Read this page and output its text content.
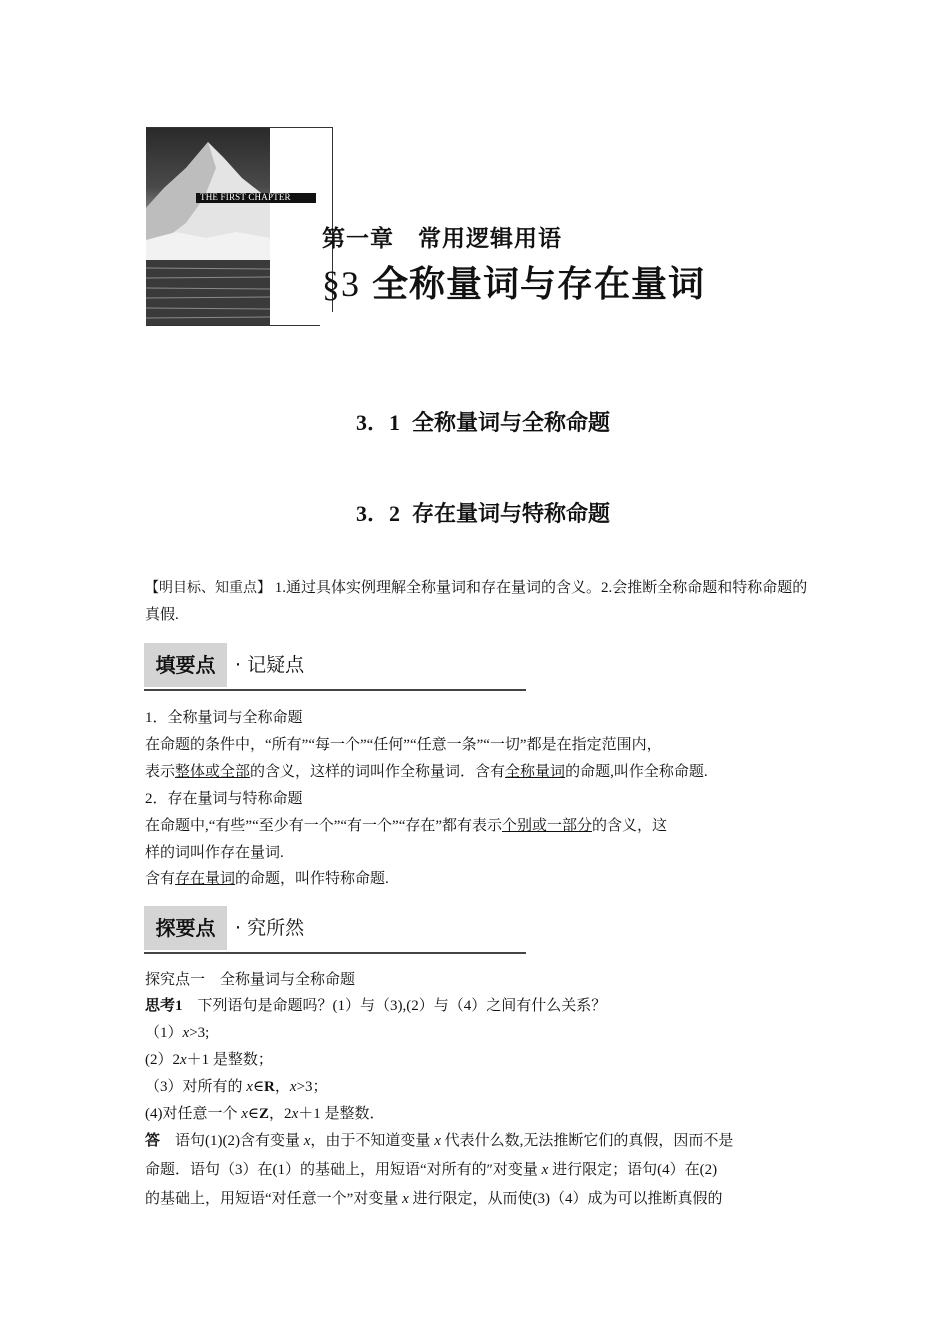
THE FIRST CHAPTER
第一章　常用逻辑用语
§3 全称量词与存在量词
3．1 全称量词与全称命题
3．2 存在量词与特称命题
【明目标、知重点】 1.通过具体实例理解全称量词和存在量词的含义。2.会推断全称命题和特称命题的真假.
填要点	· 记疑点
1．全称量词与全称命题
在命题的条件中，“所有”“每一个”“任何”“任意一条”“一切”都是在指定范围内，
表示整体或全部的含义，这样的词叫作全称量词．含有全称量词的命题,叫作全称命题.
2．存在量词与特称命题
在命题中,“有些”“至少有一个”“有一个”“存在”都有表示个别或一部分的含义，这
样的词叫作存在量词.
含有存在量词的命题，叫作特称命题.
探要点	· 究所然
探究点一　全称量词与全称命题
思考1　下列语句是命题吗？(1）与（3),(2）与（4）之间有什么关系？
（1）x>3;
(2）2x＋1 是整数；
（3）对所有的 x∈R，x>3；
(4)对任意一个 x∈Z，2x＋1 是整数．
答　语句(1)(2)含有变量 x，由于不知道变量 x 代表什么数,无法推断它们的真假，因而不是
命题．语句（3）在(1）的基础上，用短语“对所有的″对变量 x 进行限定；语句(4）在(2)
的基础上，用短语“对任意一个”对变量 x 进行限定，从而使(3)（4）成为可以推断真假的
